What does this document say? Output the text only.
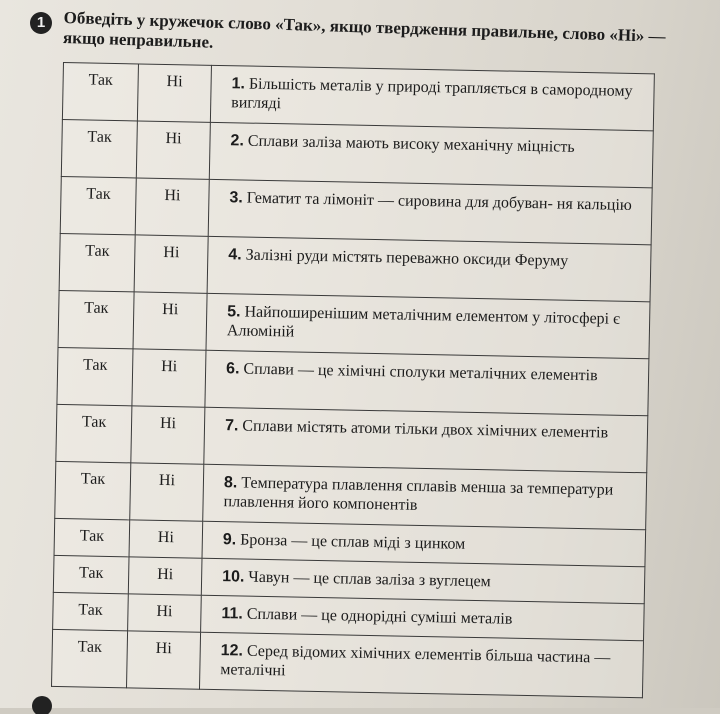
1	Обведіть у кружечок слово «Так», якщо твердження правильне, слово «Ні» — якщо неправильне.
Так	Ні	1. Більшість металів у природі трапляється в самородному вигляді
Так	Ні	2. Сплави заліза мають високу механічну міцність
Так	Ні	3. Гематит та лімоніт — сировина для добуван- ня кальцію
Так	Ні	4. Залізні руди містять переважно оксиди Феруму
Так	Ні	5. Найпоширенішим металічним елементом у літосфері є Алюміній
Так	Ні	6. Сплави — це хімічні сполуки металічних елементів
Так	Ні	7. Сплави містять атоми тільки двох хімічних елементів
Так	Ні	8. Температура плавлення сплавів менша за температури плавлення його компонентів
Так	Ні	9. Бронза — це сплав міді з цинком
Так	Ні	10. Чавун — це сплав заліза з вуглецем
Так	Ні	11. Сплави — це однорідні суміші металів
Так	Ні	12. Серед відомих хімічних елементів більша частина — металічні
